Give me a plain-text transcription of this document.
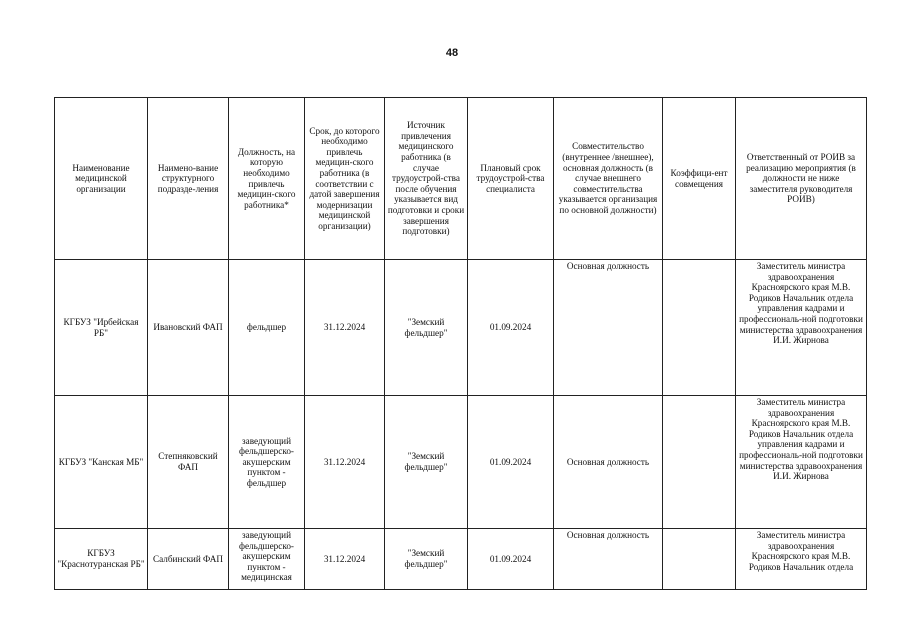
48
Наименование медицинской организации	Наимено-вание структурного подразде-ления	Должность, на которую необходимо привлечь медицин-ского работника*	Срок, до которого необходимо привлечь медицин-ского работника (в соответствии с датой завершения модернизации медицинской организации)	Источник привлечения медицинского работника (в случае трудоустрой-ства после обучения указывается вид подготовки и сроки завершения подготовки)	Плановый срок трудоустрой-ства специалиста	Совместительство (внутреннее /внешнее), основная должность (в случае внешнего совместительства указывается организация по основной должности)	Коэффици-ент совмещения	Ответственный от РОИВ за реализацию мероприятия (в должности не ниже заместителя руководителя РОИВ)
КГБУЗ "Ирбейская РБ"	Ивановский ФАП	фельдшер	31.12.2024	"Земский фельдшер"	01.09.2024	Основная должность		Заместитель министра здравоохранения Красноярского края М.В. Родиков Начальник отдела управления кадрами и профессиональ-ной подготовки министерства здравоохранения И.И. Жирнова
КГБУЗ "Канская МБ"	Степняковский ФАП	заведующий фельдшерско-акушерским пунктом - фельдшер	31.12.2024	"Земский фельдшер"	01.09.2024	Основная должность		Заместитель министра здравоохранения Красноярского края М.В. Родиков Начальник отдела управления кадрами и профессиональ-ной подготовки министерства здравоохранения И.И. Жирнова
КГБУЗ "Краснотуранская РБ"	Салбинский ФАП	заведующий фельдшерско-акушерским пунктом - медицинская	31.12.2024	"Земский фельдшер"	01.09.2024	Основная должность		Заместитель министра здравоохранения Красноярского края М.В. Родиков Начальник отдела
